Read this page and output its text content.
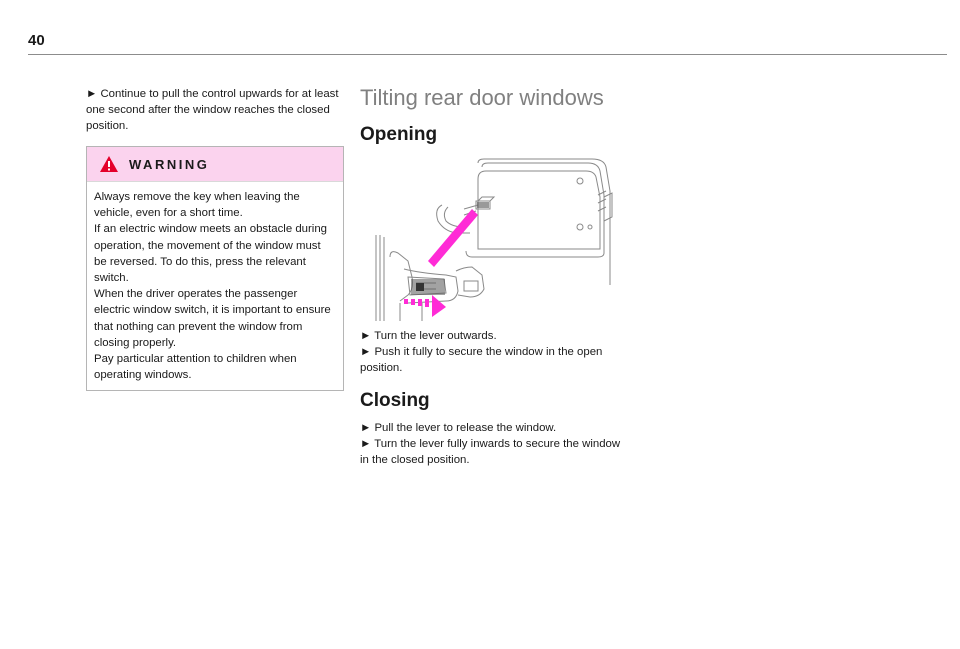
40

► Continue to pull the control upwards for at least one second after the window reaches the closed position.

WARNING

Always remove the key when leaving the vehicle, even for a short time.

If an electric window meets an obstacle during operation, the movement of the window must be reversed. To do this, press the relevant switch.

When the driver operates the passenger electric window switch, it is important to ensure that nothing can prevent the window from closing properly.

Pay particular attention to children when operating windows.

Tilting rear door windows
Opening

► Turn the lever outwards.

► Push it fully to secure the window in the open position.

Closing

► Pull the lever to release the window.

► Turn the lever fully inwards to secure the window in the closed position.
